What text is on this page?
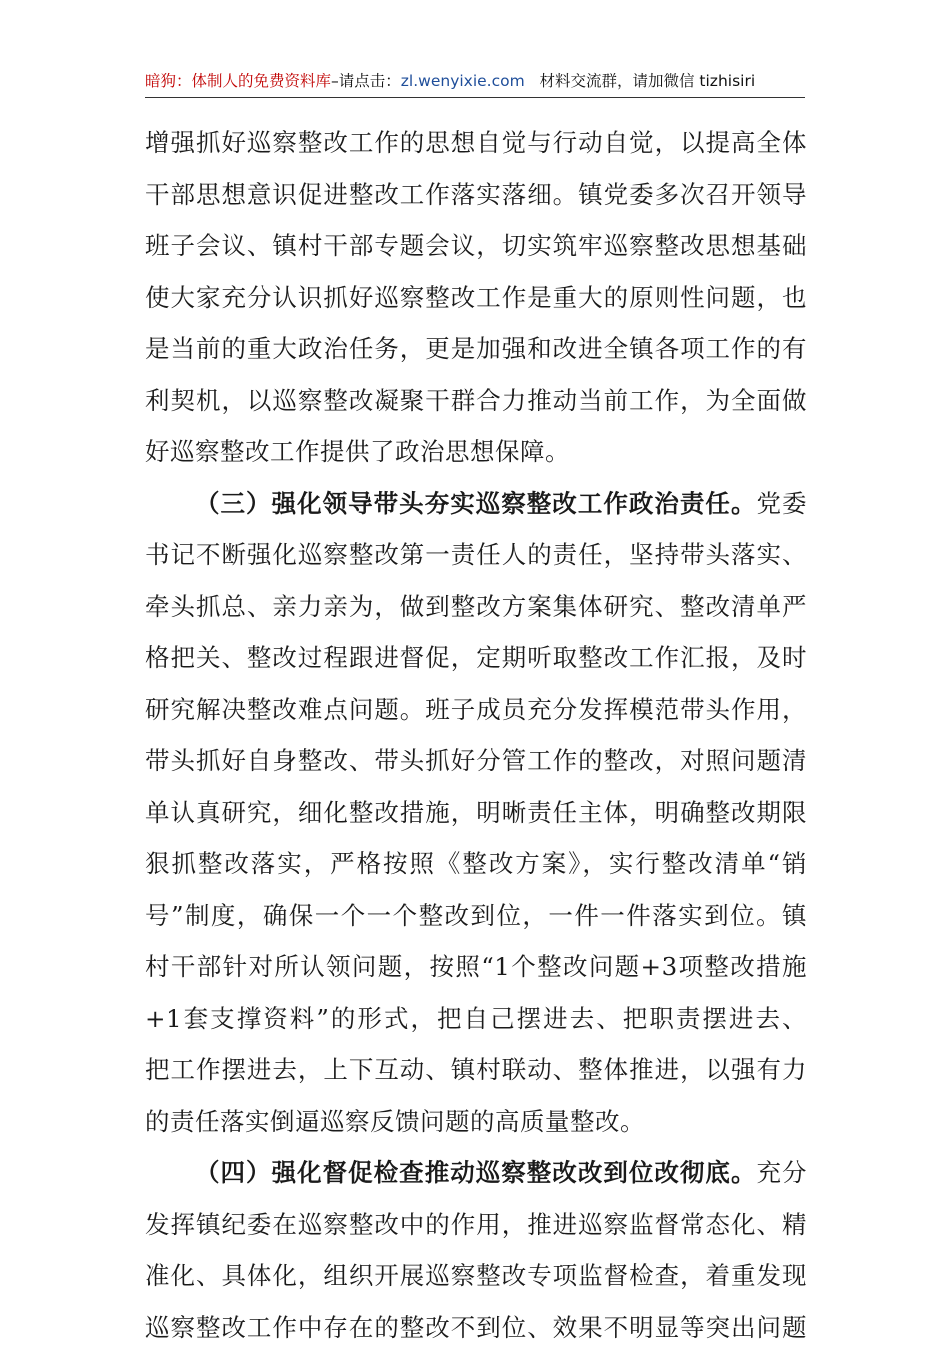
暗狗：体制人的免费资料库–请点击：zl.wenyixie.com 材料交流群，请加微信 tizhisiri
增强抓好巡察整改工作的思想自觉与行动自觉，以提高全体
干部思想意识促进整改工作落实落细。镇党委多次召开领导
班子会议、镇村干部专题会议，切实筑牢巡察整改思想基础
使大家充分认识抓好巡察整改工作是重大的原则性问题，也
是当前的重大政治任务，更是加强和改进全镇各项工作的有
利契机，以巡察整改凝聚干群合力推动当前工作，为全面做
好巡察整改工作提供了政治思想保障。
（三）强化领导带头夯实巡察整改工作政治责任。党委
书记不断强化巡察整改第一责任人的责任，坚持带头落实、
牵头抓总、亲力亲为，做到整改方案集体研究、整改清单严
格把关、整改过程跟进督促，定期听取整改工作汇报，及时
研究解决整改难点问题。班子成员充分发挥模范带头作用，
带头抓好自身整改、带头抓好分管工作的整改，对照问题清
单认真研究，细化整改措施，明晰责任主体，明确整改期限
狠抓整改落实，严格按照《整改方案》，实行整改清单“销
号”制度，确保一个一个整改到位，一件一件落实到位。镇
村干部针对所认领问题，按照“1个整改问题+3项整改措施
+1套支撑资料”的形式，把自己摆进去、把职责摆进去、
把工作摆进去，上下互动、镇村联动、整体推进，以强有力
的责任落实倒逼巡察反馈问题的高质量整改。
（四）强化督促检查推动巡察整改改到位改彻底。充分
发挥镇纪委在巡察整改中的作用，推进巡察监督常态化、精
准化、具体化，组织开展巡察整改专项监督检查，着重发现
巡察整改工作中存在的整改不到位、效果不明显等突出问题
